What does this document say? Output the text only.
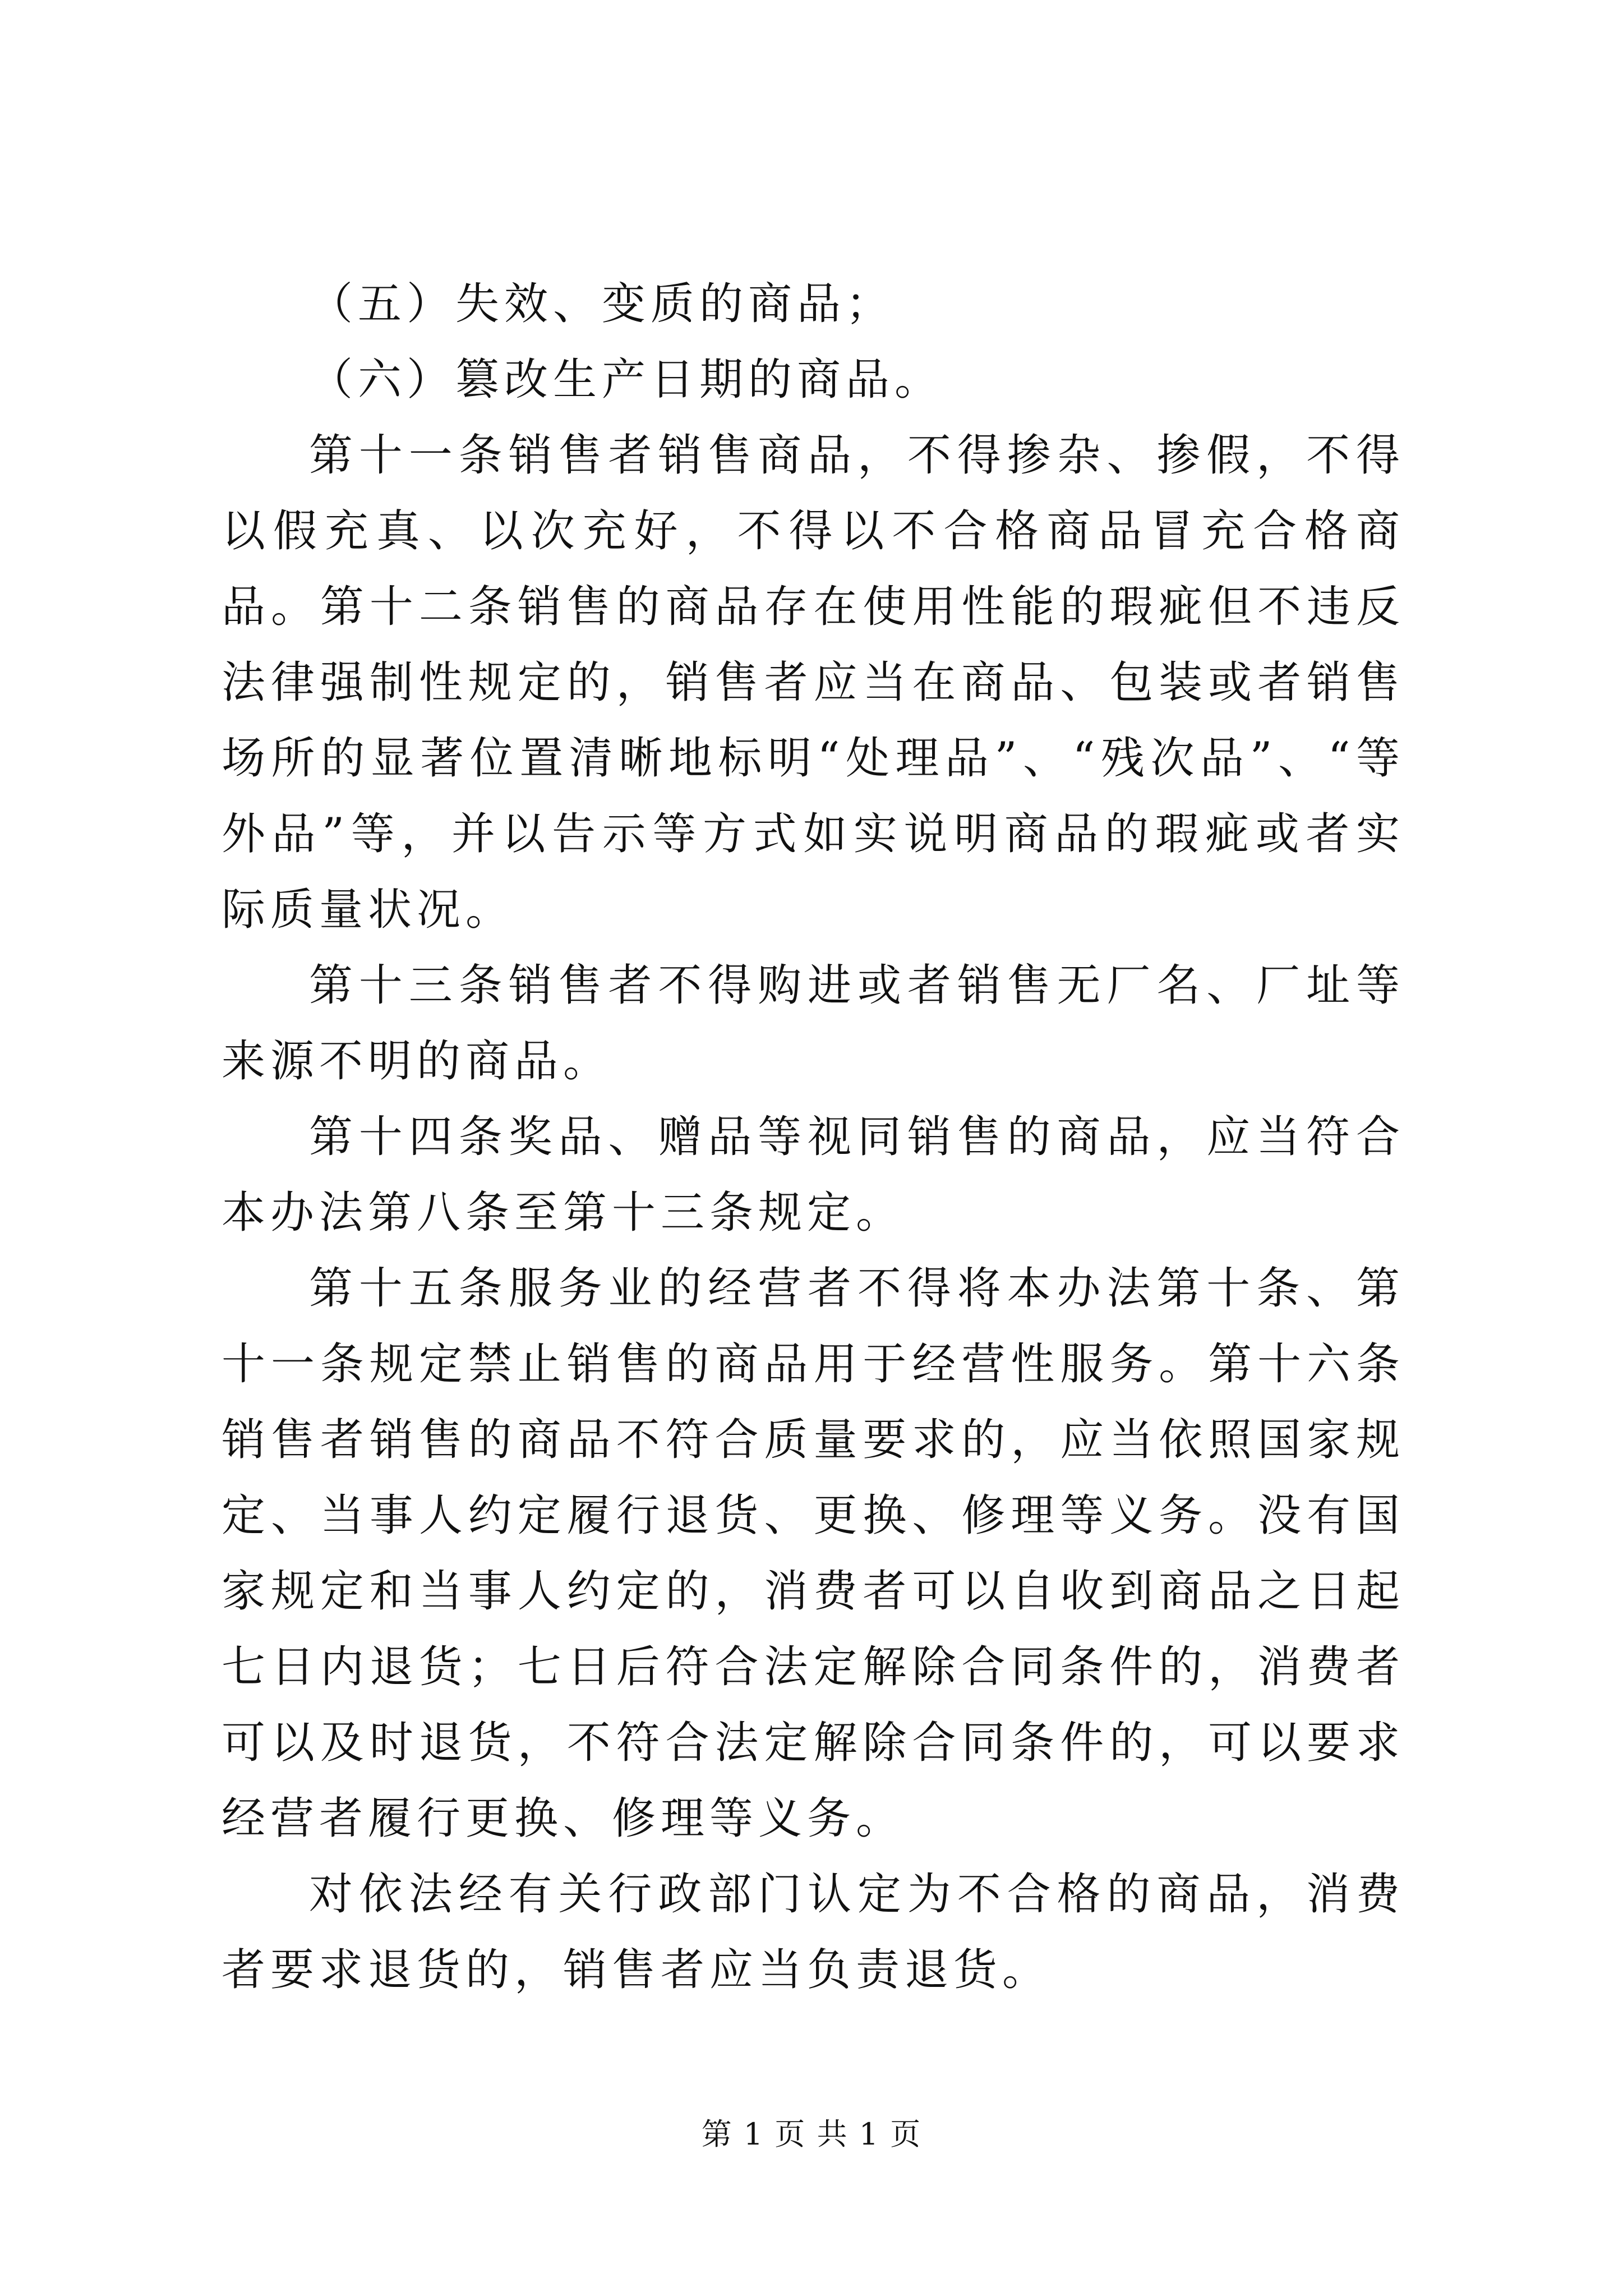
（五）失效、变质的商品；

（六）篡改生产日期的商品。

第十一条销售者销售商品，不得掺杂、掺假，不得以假充真、以次充好，不得以不合格商品冒充合格商品。第十二条销售的商品存在使用性能的瑕疵但不违反法律强制性规定的，销售者应当在商品、包装或者销售场所的显著位置清晰地标明“处理品”、“残次品”、“等外品”等，并以告示等方式如实说明商品的瑕疵或者实际质量状况。

第十三条销售者不得购进或者销售无厂名、厂址等来源不明的商品。

第十四条奖品、赠品等视同销售的商品，应当符合本办法第八条至第十三条规定。

第十五条服务业的经营者不得将本办法第十条、第十一条规定禁止销售的商品用于经营性服务。第十六条销售者销售的商品不符合质量要求的，应当依照国家规定、当事人约定履行退货、更换、修理等义务。没有国家规定和当事人约定的，消费者可以自收到商品之日起七日内退货；七日后符合法定解除合同条件的，消费者可以及时退货，不符合法定解除合同条件的，可以要求经营者履行更换、修理等义务。

对依法经有关行政部门认定为不合格的商品，消费者要求退货的，销售者应当负责退货。

第 1 页 共 1 页
